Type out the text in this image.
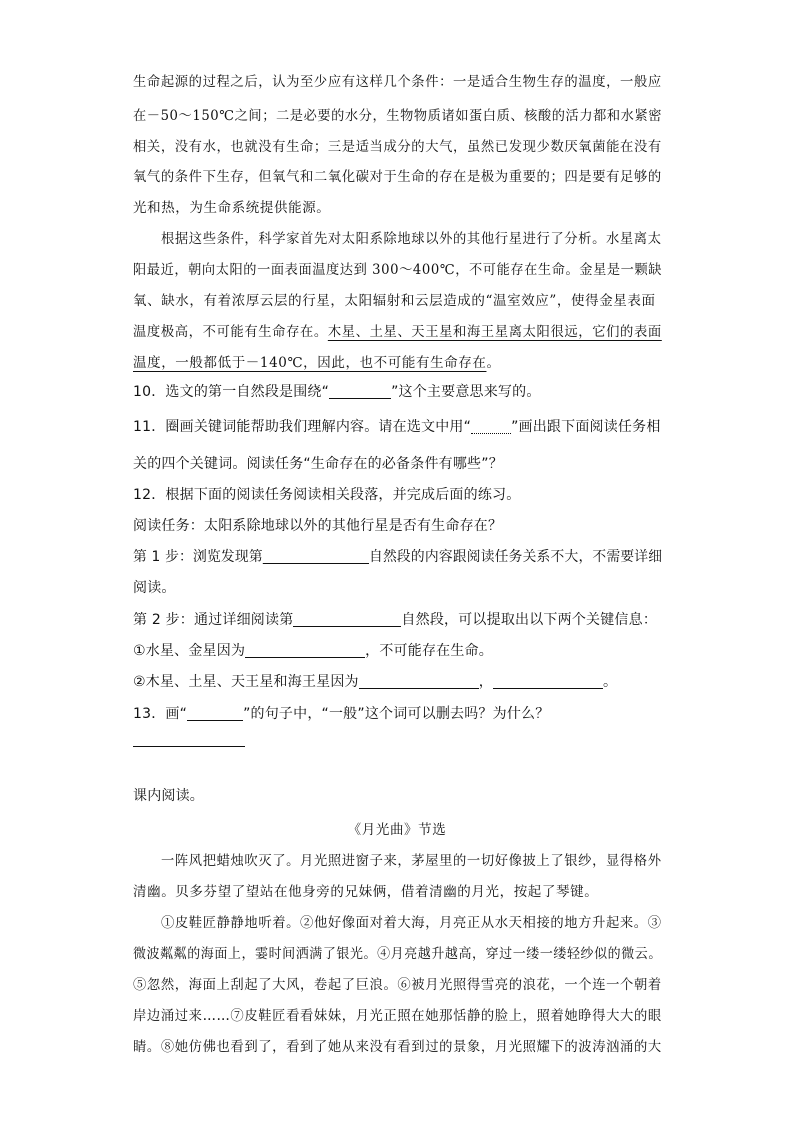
生命起源的过程之后，认为至少应有这样几个条件：一是适合生物生存的温度，一般应
在－50～150℃之间；二是必要的水分，生物物质诸如蛋白质、核酸的活力都和水紧密
相关，没有水，也就没有生命；三是适当成分的大气，虽然已发现少数厌氧菌能在没有
氧气的条件下生存，但氧气和二氧化碳对于生命的存在是极为重要的；四是要有足够的
光和热，为生命系统提供能源。
根据这些条件，科学家首先对太阳系除地球以外的其他行星进行了分析。水星离太
阳最近，朝向太阳的一面表面温度达到 300～400℃，不可能存在生命。金星是一颗缺
氧、缺水，有着浓厚云层的行星，太阳辐射和云层造成的“温室效应”，使得金星表面
温度极高，不可能有生命存在。木星、土星、天王星和海王星离太阳很远，它们的表面
温度，一般都低于－140℃，因此，也不可能有生命存在。
10．选文的第一自然段是围绕“	”这个主要意思来写的。
11．圈画关键词能帮助我们理解内容。请在选文中用“	”画出跟下面阅读任务相
关的四个关键词。阅读任务“生命存在的必备条件有哪些”？
12．根据下面的阅读任务阅读相关段落，并完成后面的练习。
阅读任务：太阳系除地球以外的其他行星是否有生命存在？
第 1 步：浏览发现第	自然段的内容跟阅读任务关系不大，不需要详细
阅读。
第 2 步：通过详细阅读第	自然段，可以提取出以下两个关键信息：
①水星、金星因为	，不可能存在生命。
②木星、土星、天王星和海王星因为	，	。
13．画“	”的句子中，“一般”这个词可以删去吗？为什么？
课内阅读。
《月光曲》节选
一阵风把蜡烛吹灭了。月光照进窗子来，茅屋里的一切好像披上了银纱，显得格外
清幽。贝多芬望了望站在他身旁的兄妹俩，借着清幽的月光，按起了琴键。
①皮鞋匠静静地听着。②他好像面对着大海，月亮正从水天相接的地方升起来。③
微波粼粼的海面上，霎时间洒满了银光。④月亮越升越高，穿过一缕一缕轻纱似的微云。
⑤忽然，海面上刮起了大风，卷起了巨浪。⑥被月光照得雪亮的浪花，一个连一个朝着
岸边涌过来……⑦皮鞋匠看看妹妹，月光正照在她那恬静的脸上，照着她睁得大大的眼
睛。⑧她仿佛也看到了，看到了她从来没有看到过的景象，月光照耀下的波涛汹涌的大
